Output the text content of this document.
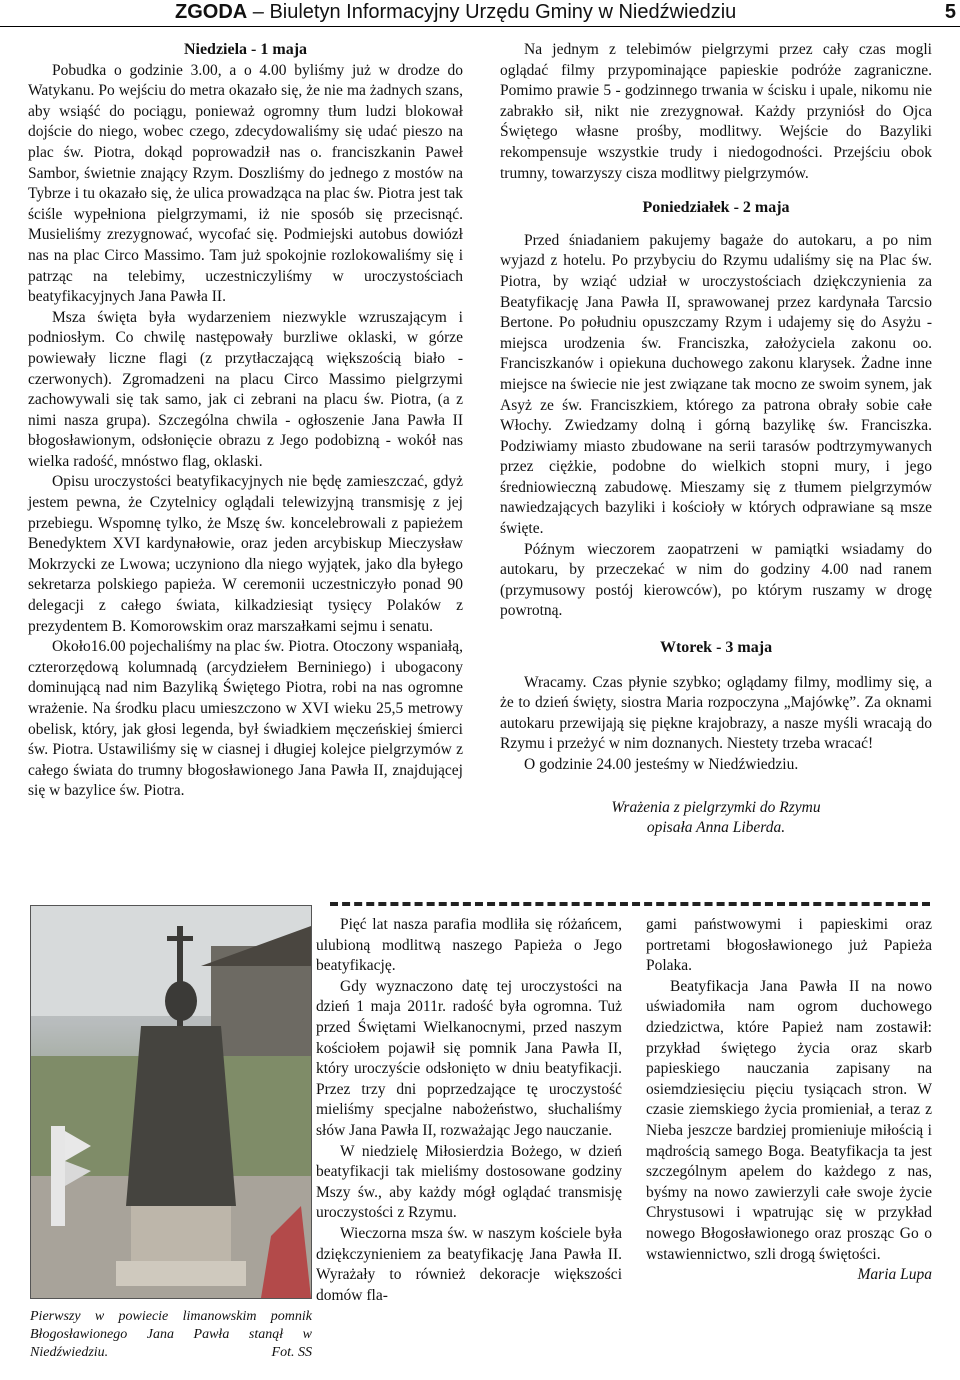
ZGODA – Biuletyn Informacyjny Urzędu Gminy w Niedźwiedziu	5

Niedziela - 1 maja

Pobudka o godzinie 3.00, a o 4.00 byliśmy już w drodze do Watykanu. Po wejściu do metra okazało się, że nie ma żadnych szans, aby wsiąść do pociągu, ponieważ ogromny tłum ludzi blokował dojście do niego, wobec czego, zdecydowaliśmy się udać pieszo na plac św. Piotra, dokąd poprowadził nas o. franciszkanin Paweł Sambor, świetnie znający Rzym. Doszliśmy do jednego z mostów na Tybrze i tu okazało się, że ulica prowadząca na plac św. Piotra jest tak ściśle wypełniona pielgrzymami, iż nie sposób się przecisnąć. Musieliśmy zrezygnować, wycofać się. Podmiejski autobus dowiózł nas na plac Circo Massimo. Tam już spokojnie rozlokowaliśmy się i patrząc na telebimy, uczestniczyliśmy w uroczystościach beatyfikacyjnych Jana Pawła II.

Msza święta była wydarzeniem niezwykle wzruszającym i podniosłym. Co chwilę następowały burzliwe oklaski, w górze powiewały liczne flagi (z przytłaczającą większością biało - czerwonych). Zgromadzeni na placu Circo Massimo pielgrzymi zachowywali się tak samo, jak ci zebrani na placu św. Piotra, (a z nimi nasza grupa). Szczególna chwila - ogłoszenie Jana Pawła II błogosławionym, odsłonięcie obrazu z Jego podobizną - wokół nas wielka radość, mnóstwo flag, oklaski.

Opisu uroczystości beatyfikacyjnych nie będę zamieszczać, gdyż jestem pewna, że Czytelnicy oglądali telewizyjną transmisję z jej przebiegu. Wspomnę tylko, że Mszę św. koncelebrowali z papieżem Benedyktem XVI kardynałowie, oraz jeden arcybiskup Mieczysław Mokrzycki ze Lwowa; uczyniono dla niego wyjątek, jako dla byłego sekretarza polskiego papieża. W ceremonii uczestniczyło ponad 90 delegacji z całego świata, kilkadziesiąt tysięcy Polaków z prezydentem B. Komorowskim oraz marszałkami sejmu i senatu.

Około16.00 pojechaliśmy na plac św. Piotra. Otoczony wspaniałą, czterorzędową kolumnadą (arcydziełem Berniniego) i ubogacony dominującą nad nim Bazyliką Świętego Piotra, robi na nas ogromne wrażenie. Na środku placu umieszczono w XVI wieku 25,5 metrowy obelisk, który, jak głosi legenda, był świadkiem męczeńskiej śmierci św. Piotra. Ustawiliśmy się w ciasnej i długiej kolejce pielgrzymów z całego świata do trumny błogosławionego Jana Pawła II, znajdującej się w bazylice św. Piotra.

Na jednym z telebimów pielgrzymi przez cały czas mogli oglądać filmy przypominające papieskie podróże zagraniczne. Pomimo prawie 5 - godzinnego trwania w ścisku i upale, nikomu nie zabrakło sił, nikt nie zrezygnował. Każdy przyniósł do Ojca Świętego własne prośby, modlitwy. Wejście do Bazyliki rekompensuje wszystkie trudy i niedogodności. Przejściu obok trumny, towarzyszy cisza modlitwy pielgrzymów.

Poniedziałek - 2 maja

Przed śniadaniem pakujemy bagaże do autokaru, a po nim wyjazd z hotelu. Po przybyciu do Rzymu udaliśmy się na Plac św. Piotra, by wziąć udział w uroczystościach dziękczynienia za Beatyfikację Jana Pawła II, sprawowanej przez kardynała Tarcsio Bertone. Po południu opuszczamy Rzym i udajemy się do Asyżu - miejsca urodzenia św. Franciszka, założyciela zakonu oo. Franciszkanów i opiekuna duchowego zakonu klarysek. Żadne inne miejsce na świecie nie jest związane tak mocno ze swoim synem, jak Asyż ze św. Franciszkiem, którego za patrona obrały sobie całe Włochy. Zwiedzamy dolną i górną bazylikę św. Franciszka. Podziwiamy miasto zbudowane na serii tarasów podtrzymywanych przez ciężkie, podobne do wielkich stopni mury, i jego średniowieczną zabudowę. Mieszamy się z tłumem pielgrzymów nawiedzających bazyliki i kościoły w których odprawiane są msze święte.

Późnym wieczorem zaopatrzeni w pamiątki wsiadamy do autokaru, by przeczekać w nim do godziny 4.00 nad ranem (przymusowy postój kierowców), po którym ruszamy w drogę powrotną.

Wtorek - 3 maja

Wracamy. Czas płynie szybko; oglądamy filmy, modlimy się, a że to dzień święty, siostra Maria rozpoczyna „Majówkę”. Za oknami autokaru przewijają się piękne krajobrazy, a nasze myśli wracają do Rzymu i przeżyć w nim doznanych. Niestety trzeba wracać!

O godzinie 24.00 jesteśmy w Niedźwiedziu.

Wrażenia z pielgrzymki do Rzymu

opisała Anna Liberda.

Pierwszy w powiecie limanowskim pomnik Błogosławionego Jana Pawła stanął w Niedźwiedziu.	Fot. SS

Pięć lat nasza parafia modliła się różańcem, ulubioną modlitwą naszego Papieża o Jego beatyfikację.

Gdy wyznaczono datę tej uroczystości na dzień 1 maja 2011r. radość była ogromna. Tuż przed Świętami Wielkanocnymi, przed naszym kościołem pojawił się pomnik Jana Pawła II, który uroczyście odsłonięto w dniu beatyfikacji. Przez trzy dni poprzedzające tę uroczystość mieliśmy specjalne nabożeństwo, słuchaliśmy słów Jana Pawła II, rozważając Jego nauczanie.

W niedzielę Miłosierdzia Bożego, w dzień beatyfikacji tak mieliśmy dostosowane godziny Mszy św., aby każdy mógł oglądać transmisję uroczystości z Rzymu.

Wieczorna msza św. w naszym kościele była dziękczynieniem za beatyfikację Jana Pawła II. Wyrażały to również dekoracje większości domów fla-

gami państwowymi i papieskimi oraz portretami błogosławionego już Papieża Polaka.

Beatyfikacja Jana Pawła II na nowo uświadomiła nam ogrom duchowego dziedzictwa, które Papież nam zostawił: przykład świętego życia oraz skarb papieskiego nauczania zapisany na osiemdziesięciu pięciu tysiącach stron. W czasie ziemskiego życia promieniał, a teraz z Nieba jeszcze bardziej promieniuje miłością i mądrością samego Boga. Beatyfikacja ta jest szczególnym apelem do każdego z nas, byśmy na nowo zawierzyli całe swoje życie Chrystusowi i wpatrując się w przykład nowego Błogosławionego oraz prosząc Go o wstawiennictwo, szli drogą świętości.

Maria Lupa
